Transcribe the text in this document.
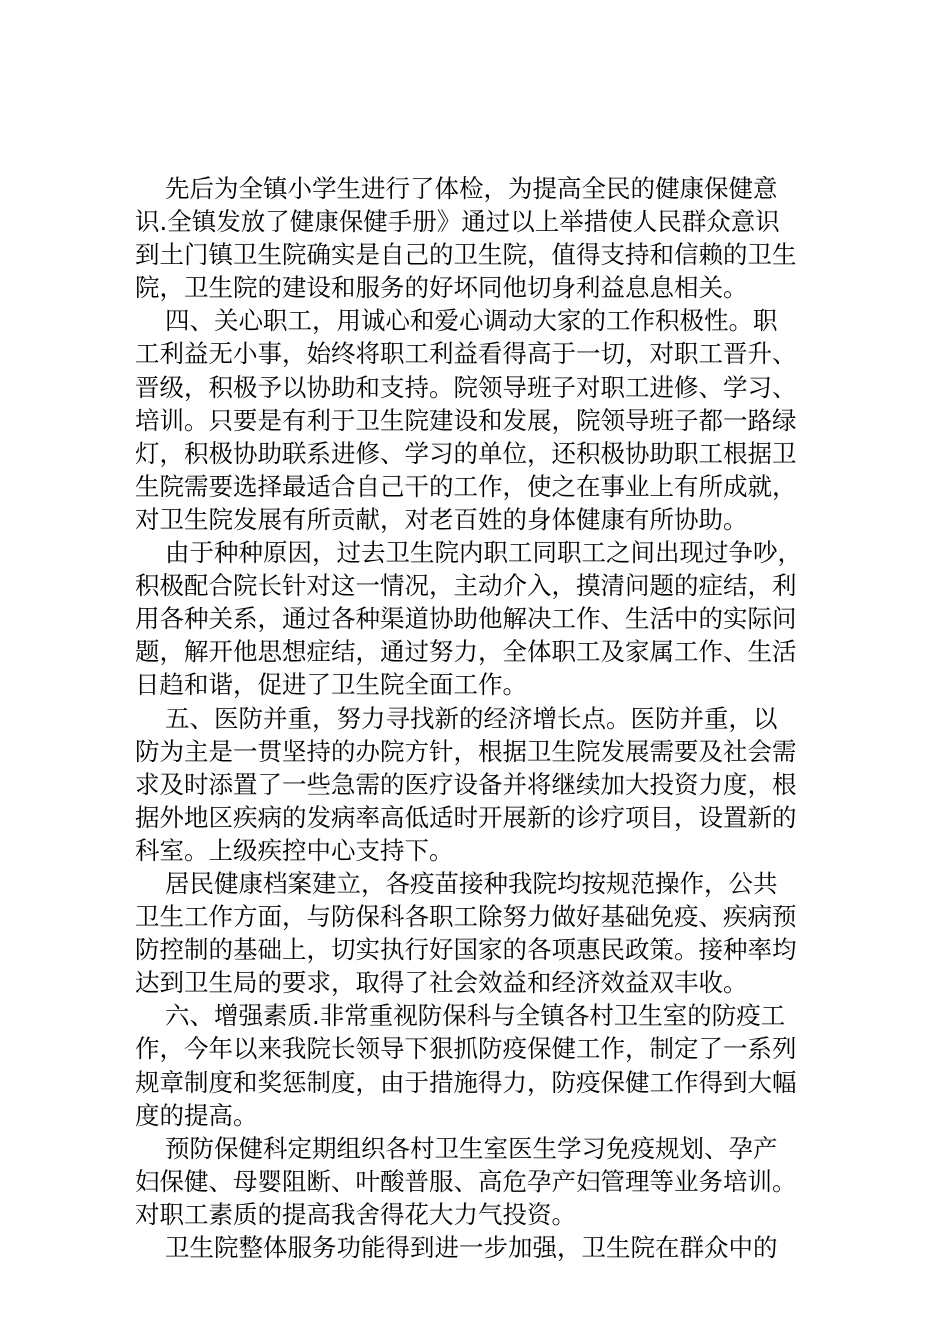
先后为全镇小学生进行了体检，为提高全民的健康保健意
识.全镇发放了健康保健手册》通过以上举措使人民群众意识
到土门镇卫生院确实是自己的卫生院，值得支持和信赖的卫生
院，卫生院的建设和服务的好坏同他切身利益息息相关。
四、关心职工，用诚心和爱心调动大家的工作积极性。职
工利益无小事，始终将职工利益看得高于一切，对职工晋升、
晋级，积极予以协助和支持。院领导班子对职工进修、学习、
培训。只要是有利于卫生院建设和发展，院领导班子都一路绿
灯，积极协助联系进修、学习的单位，还积极协助职工根据卫
生院需要选择最适合自己干的工作，使之在事业上有所成就，
对卫生院发展有所贡献，对老百姓的身体健康有所协助。
由于种种原因，过去卫生院内职工同职工之间出现过争吵，
积极配合院长针对这一情况，主动介入，摸清问题的症结，利
用各种关系，通过各种渠道协助他解决工作、生活中的实际问
题，解开他思想症结，通过努力，全体职工及家属工作、生活
日趋和谐，促进了卫生院全面工作。
五、医防并重，努力寻找新的经济增长点。医防并重，以
防为主是一贯坚持的办院方针，根据卫生院发展需要及社会需
求及时添置了一些急需的医疗设备并将继续加大投资力度，根
据外地区疾病的发病率高低适时开展新的诊疗项目，设置新的
科室。上级疾控中心支持下。
居民健康档案建立，各疫苗接种我院均按规范操作，公共
卫生工作方面，与防保科各职工除努力做好基础免疫、疾病预
防控制的基础上，切实执行好国家的各项惠民政策。接种率均
达到卫生局的要求，取得了社会效益和经济效益双丰收。
六、增强素质.非常重视防保科与全镇各村卫生室的防疫工
作，今年以来我院长领导下狠抓防疫保健工作，制定了一系列
规章制度和奖惩制度，由于措施得力，防疫保健工作得到大幅
度的提高。
预防保健科定期组织各村卫生室医生学习免疫规划、孕产
妇保健、母婴阻断、叶酸普服、高危孕产妇管理等业务培训。
对职工素质的提高我舍得花大力气投资。
卫生院整体服务功能得到进一步加强，卫生院在群众中的
